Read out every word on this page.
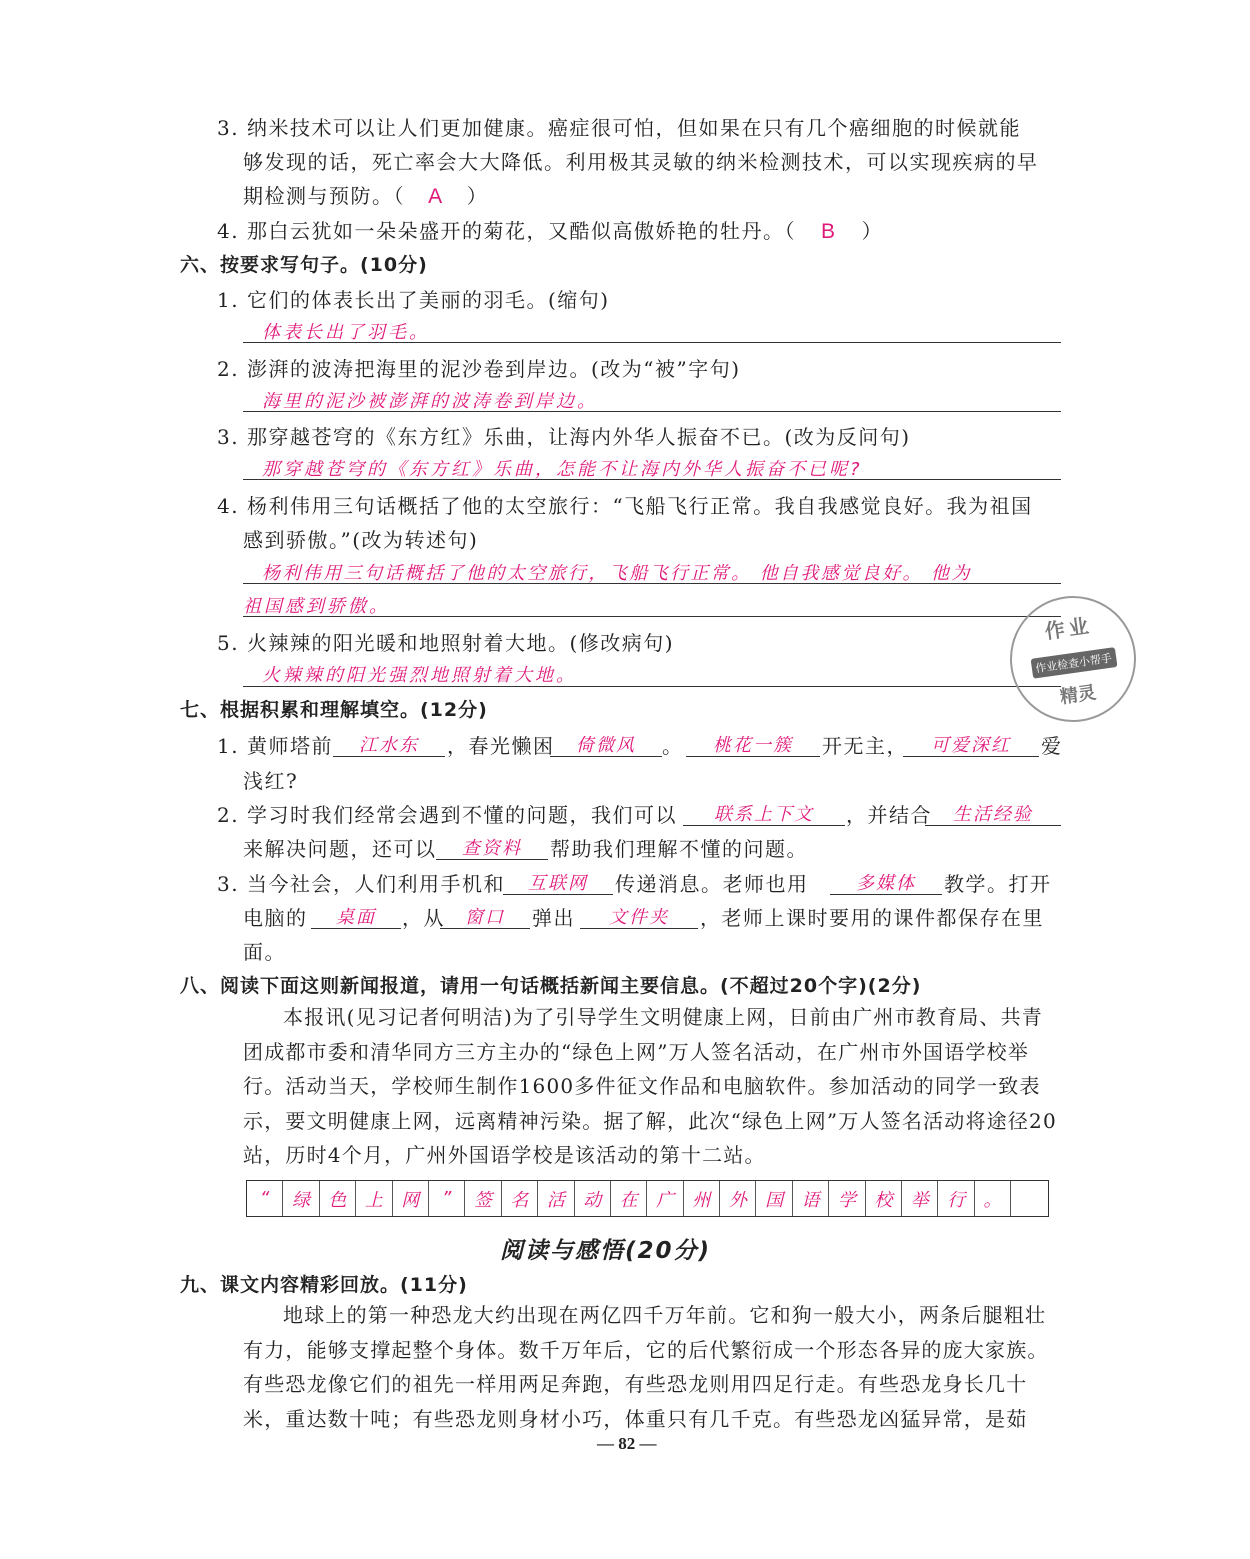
3. 纳米技术可以让人们更加健康。癌症很可怕，但如果在只有几个癌细胞的时候就能
够发现的话，死亡率会大大降低。利用极其灵敏的纳米检测技术，可以实现疾病的早
期检测与预防。（ A ）
4. 那白云犹如一朵朵盛开的菊花，又酷似高傲娇艳的牡丹。（ B ）
六、按要求写句子。(10分)
1. 它们的体表长出了美丽的羽毛。(缩句)
体表长出了羽毛。
2. 澎湃的波涛把海里的泥沙卷到岸边。(改为“被”字句)
海里的泥沙被澎湃的波涛卷到岸边。
3. 那穿越苍穹的《东方红》乐曲，让海内外华人振奋不已。(改为反问句)
那穿越苍穹的《东方红》乐曲，怎能不让海内外华人振奋不已呢?
4. 杨利伟用三句话概括了他的太空旅行：“飞船飞行正常。我自我感觉良好。我为祖国
感到骄傲。”(改为转述句)
杨利伟用三句话概括了他的太空旅行，飞船飞行正常。 他自我感觉良好。 他为
祖国感到骄傲。
5. 火辣辣的阳光暖和地照射着大地。(修改病句)
火辣辣的阳光强烈地照射着大地。
作业
作业检查小帮手
精灵
七、根据积累和理解填空。(12分)
1. 黄师塔前	江水东	，春光懒困	倚微风	。	桃花一簇	开无主，	可爱深红	爱
浅红?
2. 学习时我们经常会遇到不懂的问题，我们可以	联系上下文	，并结合	生活经验
来解决问题，还可以	查资料	帮助我们理解不懂的问题。
3. 当今社会，人们利用手机和	互联网	传递消息。老师也用	多媒体	教学。打开
电脑的	桌面	，从	窗口	弹出	文件夹	，老师上课时要用的课件都保存在里
面。
八、阅读下面这则新闻报道，请用一句话概括新闻主要信息。(不超过20个字)(2分)
本报讯(见习记者何明洁)为了引导学生文明健康上网，日前由广州市教育局、共青团成都市委和清华同方三方主办的“绿色上网”万人签名活动，在广州市外国语学校举行。活动当天，学校师生制作1600多件征文作品和电脑软件。参加活动的同学一致表示，要文明健康上网，远离精神污染。据了解，此次“绿色上网”万人签名活动将途径20站，历时4个月，广州外国语学校是该活动的第十二站。
“	绿	色	上	网	”	签	名	活	动	在	广	州	外	国	语	学	校	举	行	。
阅读与感悟(20分)
九、课文内容精彩回放。(11分)
地球上的第一种恐龙大约出现在两亿四千万年前。它和狗一般大小，两条后腿粗壮有力，能够支撑起整个身体。数千万年后，它的后代繁衍成一个形态各异的庞大家族。有些恐龙像它们的祖先一样用两足奔跑，有些恐龙则用四足行走。有些恐龙身长几十米，重达数十吨；有些恐龙则身材小巧，体重只有几千克。有些恐龙凶猛异常，是茹
— 82 —
